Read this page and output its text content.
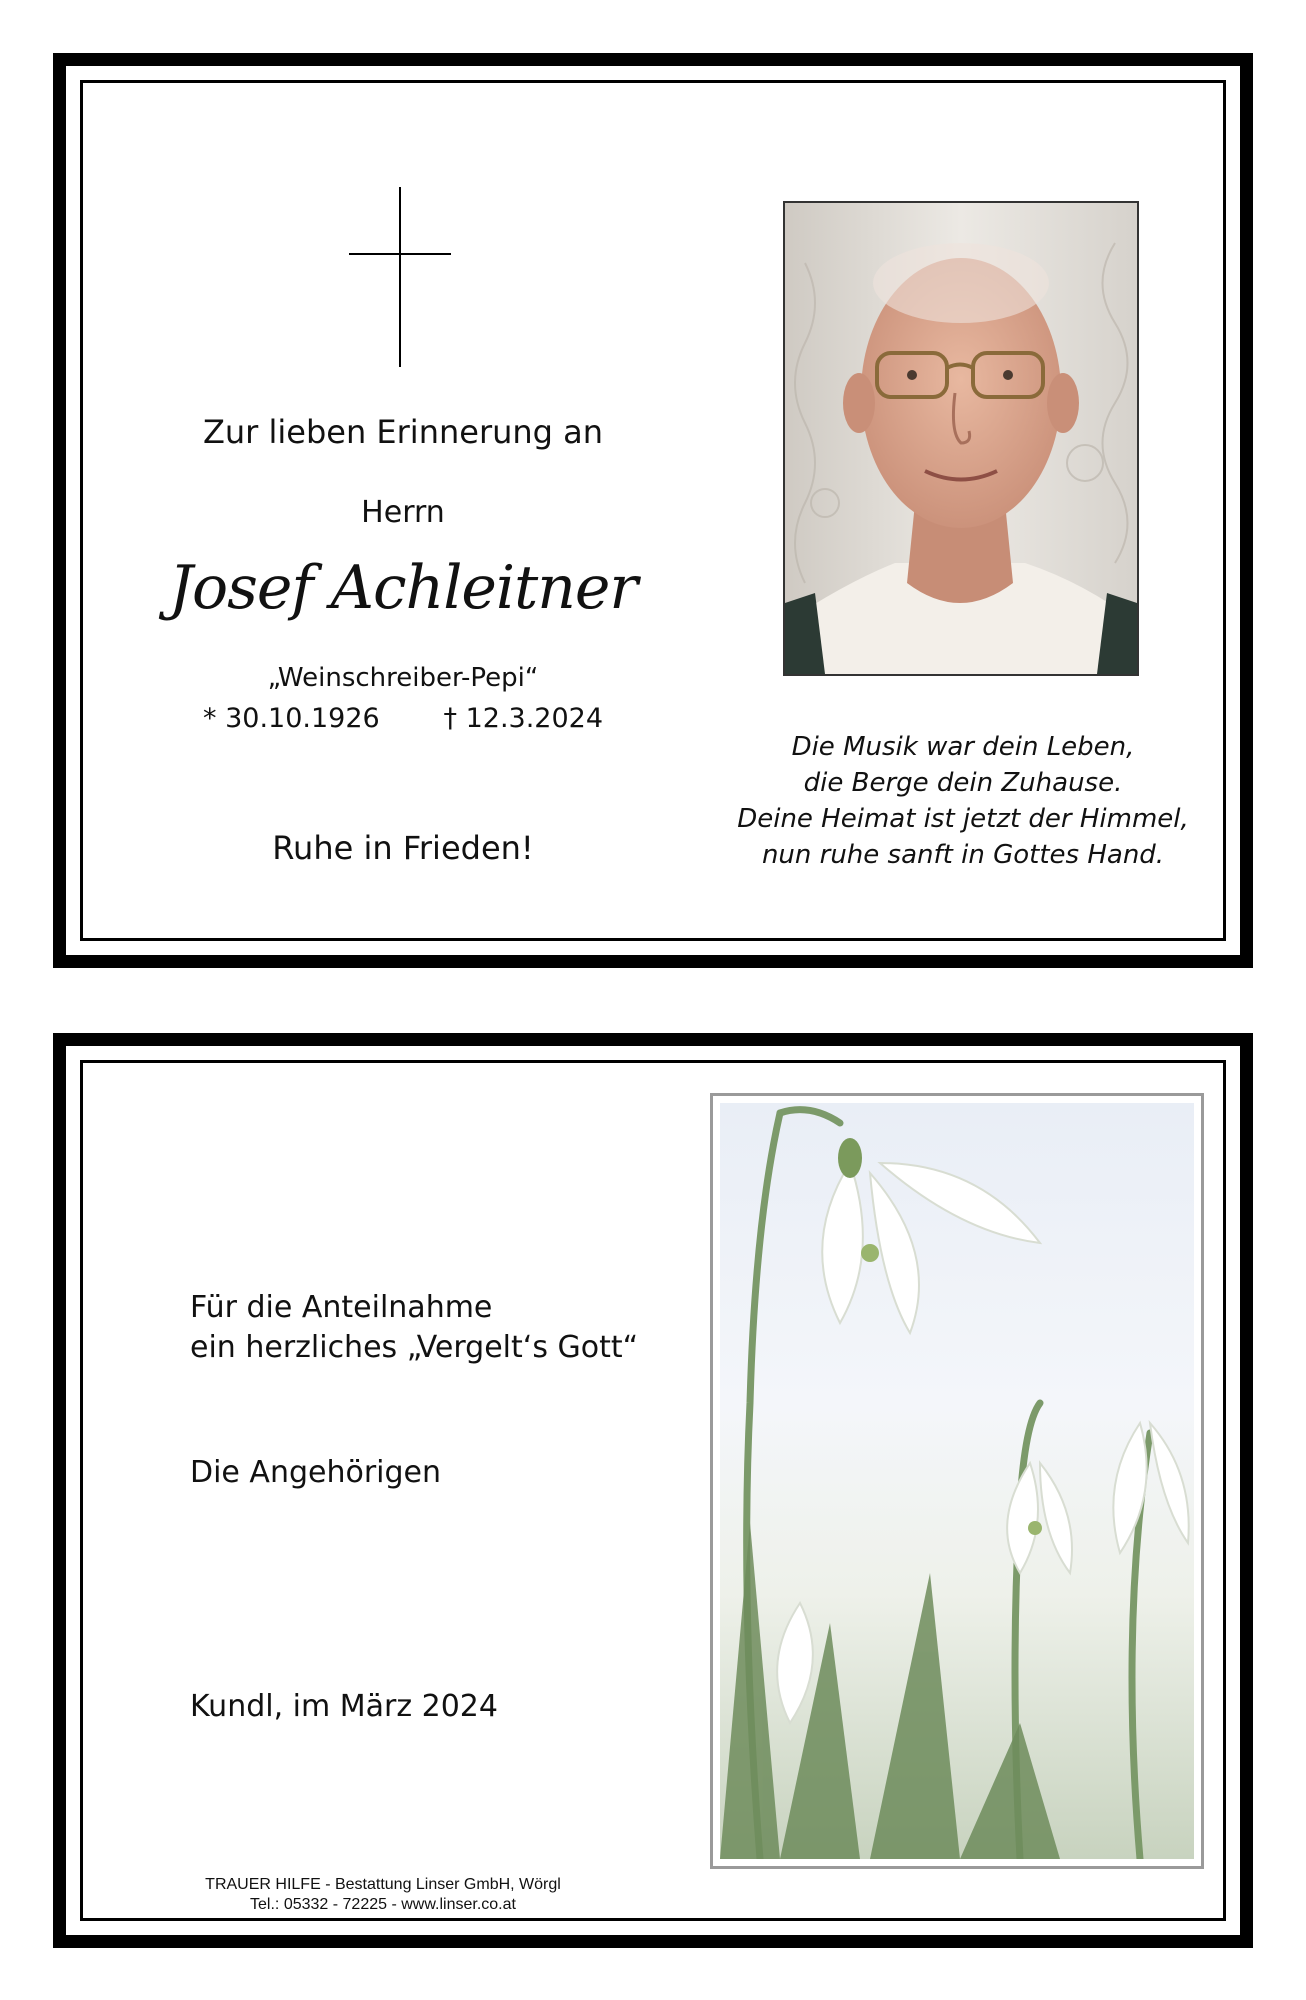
Zur lieben Erinnerung an
Herrn
Josef Achleitner
„Weinschreiber-Pepi“
* 30.10.1926 † 12.3.2024
Ruhe in Frieden!
Die Musik war dein Leben,
die Berge dein Zuhause.
Deine Heimat ist jetzt der Himmel,
nun ruhe sanft in Gottes Hand.
Für die Anteilnahme
ein herzliches „Vergelt‘s Gott“
Die Angehörigen
Kundl, im März 2024
TRAUER HILFE - Bestattung Linser GmbH, Wörgl
Tel.: 05332 - 72225 - www.linser.co.at
